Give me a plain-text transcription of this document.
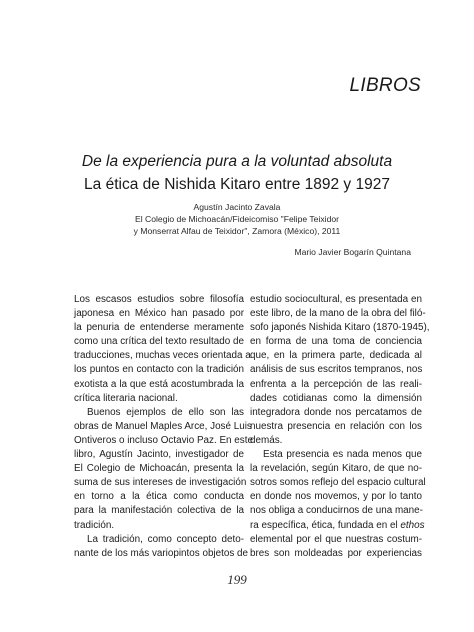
LIBROS
De la experiencia pura a la voluntad absoluta
La ética de Nishida Kitaro entre 1892 y 1927
Agustín Jacinto Zavala
El Colegio de Michoacán/Fideicomiso "Felipe Teixidor
y Monserrat Alfau de Teixidor", Zamora (México), 2011
Mario Javier Bogarín Quintana
Los escasos estudios sobre filosofía
japonesa en México han pasado por
la penuria de entenderse meramente
como una crítica del texto resultado de
traducciones, muchas veces orientada a
los puntos en contacto con la tradición
exotista a la que está acostumbrada la
crítica literaria nacional.
Buenos ejemplos de ello son las
obras de Manuel Maples Arce, José Luis
Ontiveros o incluso Octavio Paz. En este
libro, Agustín Jacinto, investigador de
El Colegio de Michoacán, presenta la
suma de sus intereses de investigación
en torno a la ética como conducta
para la manifestación colectiva de la
tradición.
La tradición, como concepto deto-
nante de los más variopintos objetos de
estudio sociocultural, es presentada en
este libro, de la mano de la obra del filó-
sofo japonés Nishida Kitaro (1870-1945),
en forma de una toma de conciencia
que, en la primera parte, dedicada al
análisis de sus escritos tempranos, nos
enfrenta a la percepción de las reali-
dades cotidianas como la dimensión
integradora donde nos percatamos de
nuestra presencia en relación con los
demás.
Esta presencia es nada menos que
la revelación, según Kitaro, de que no-
sotros somos reflejo del espacio cultural
en donde nos movemos, y por lo tanto
nos obliga a conducirnos de una mane-
ra específica, ética, fundada en el ethos
elemental por el que nuestras costum-
bres son moldeadas por experiencias
199
